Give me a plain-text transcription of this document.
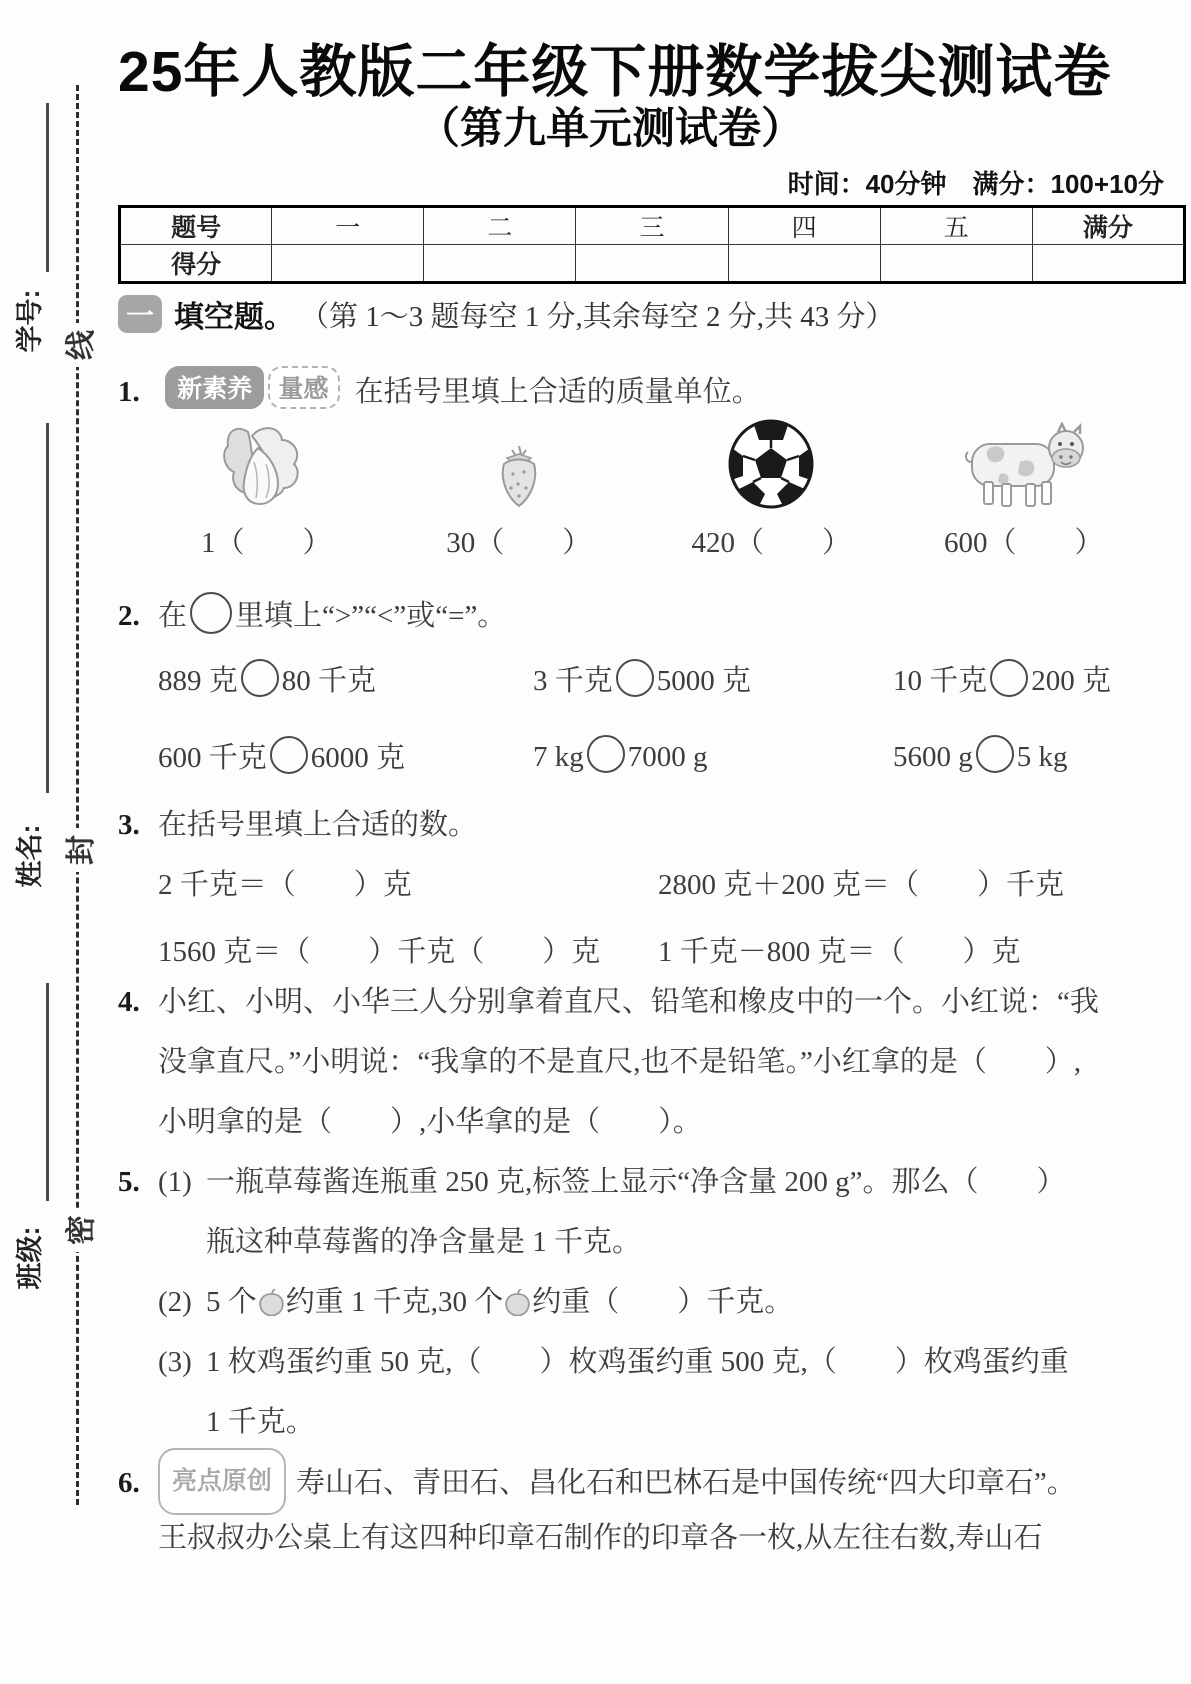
学号:
姓名:
班级:
线
封
密
25年人教版二年级下册数学拔尖测试卷
（第九单元测试卷）
时间：40分钟　满分：100+10分
题号	一	二	三	四	五	满分
得分						
一 填空题。 （第 1～3 题每空 1 分,其余每空 2 分,共 43 分）
1. 新素养 量感 在括号里填上合适的质量单位。
1（　　）	30（　　）	420（　　）	600（　　）
2. 在 里填上“>”“<”或“=”。
889 克 80 千克	3 千克 5000 克	10 千克 200 克
600 千克 6000 克	7 kg 7000 g	5600 g 5 kg
3. 在括号里填上合适的数。
2 千克＝（　　）克	2800 克＋200 克＝（　　）千克
1560 克＝（　　）千克（　　）克	1 千克－800 克＝（　　）克
4. 小红、小明、小华三人分别拿着直尺、铅笔和橡皮中的一个。小红说：“我
没拿直尺。”小明说：“我拿的不是直尺,也不是铅笔。”小红拿的是（　　）,
小明拿的是（　　）,小华拿的是（　　）。
5. (1) 一瓶草莓酱连瓶重 250 克,标签上显示“净含量 200 g”。那么（　　）
瓶这种草莓酱的净含量是 1 千克。
(2) 5 个 约重 1 千克,30 个 约重（　　）千克。
(3) 1 枚鸡蛋约重 50 克,（　　）枚鸡蛋约重 500 克,（　　）枚鸡蛋约重
1 千克。
6. 亮点原创 寿山石、青田石、昌化石和巴林石是中国传统“四大印章石”。
王叔叔办公桌上有这四种印章石制作的印章各一枚,从左往右数,寿山石
